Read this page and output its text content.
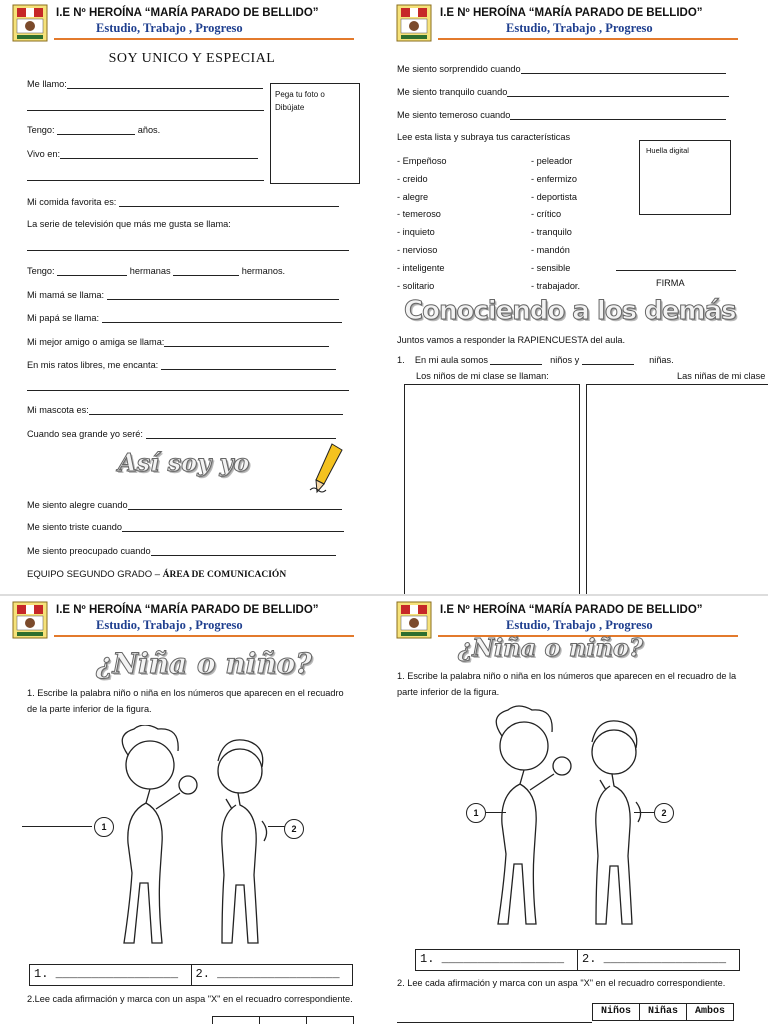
I.E Nº HEROÍNA “MARÍA PARADO DE BELLIDO”
Estudio, Trabajo , Progreso
SOY UNICO Y ESPECIAL
Pega tu foto o Dibújate
Me llamo:
Tengo:	años.
Vivo en:
Mi comida favorita es:
La serie de televisión que más me gusta se llama:
Tengo:	hermanas	hermanos.
Mi mamá se llama:
Mi papá se llama:
Mi mejor amigo o amiga se llama:
En mis ratos libres, me encanta:
Mi mascota es:
Cuando sea grande yo seré:
Así soy yo
Me siento alegre cuando
Me siento triste cuando
Me siento preocupado cuando
EQUIPO SEGUNDO GRADO – ÁREA DE COMUNICACIÓN
I.E Nº HEROÍNA “MARÍA PARADO DE BELLIDO”
Estudio, Trabajo , Progreso
Me siento sorprendido cuando
Me siento tranquilo cuando
Me siento temeroso cuando
Lee esta lista y subraya tus características
- Empeñoso
- creido
- alegre
- temeroso
- inquieto
- nervioso
- inteligente
- solitario
- peleador
- enfermizo
- deportista
- crítico
- tranquilo
- mandón
- sensible
- trabajador.
Huella digital
FIRMA
Conociendo a los demás
Juntos vamos a responder la RAPIENCUESTA del aula.
1. En mi aula somos	niños y	niñas.
Los niños de mi clase se llaman:	Las niñas de mi clase
I.E Nº HEROÍNA “MARÍA PARADO DE BELLIDO”
Estudio, Trabajo , Progreso
¿Niña o niño?
1. Escribe la palabra niño o niña en los números que aparecen en el recuadro de la parte inferior de la figura.
1	2
1. _________________	2. _________________
2.Lee cada afirmación y marca con un aspa "X" en el recuadro correspondiente.
I.E Nº HEROÍNA “MARÍA PARADO DE BELLIDO”
Estudio, Trabajo , Progreso
¿Niña o niño?
1. Escribe la palabra niño o niña en los números que aparecen en el recuadro de la parte inferior de la figura.
1	2
1. _________________	2. _________________
2. Lee cada afirmación y marca con un aspa "X" en el recuadro correspondiente.
Niños	Niñas	Ambos
